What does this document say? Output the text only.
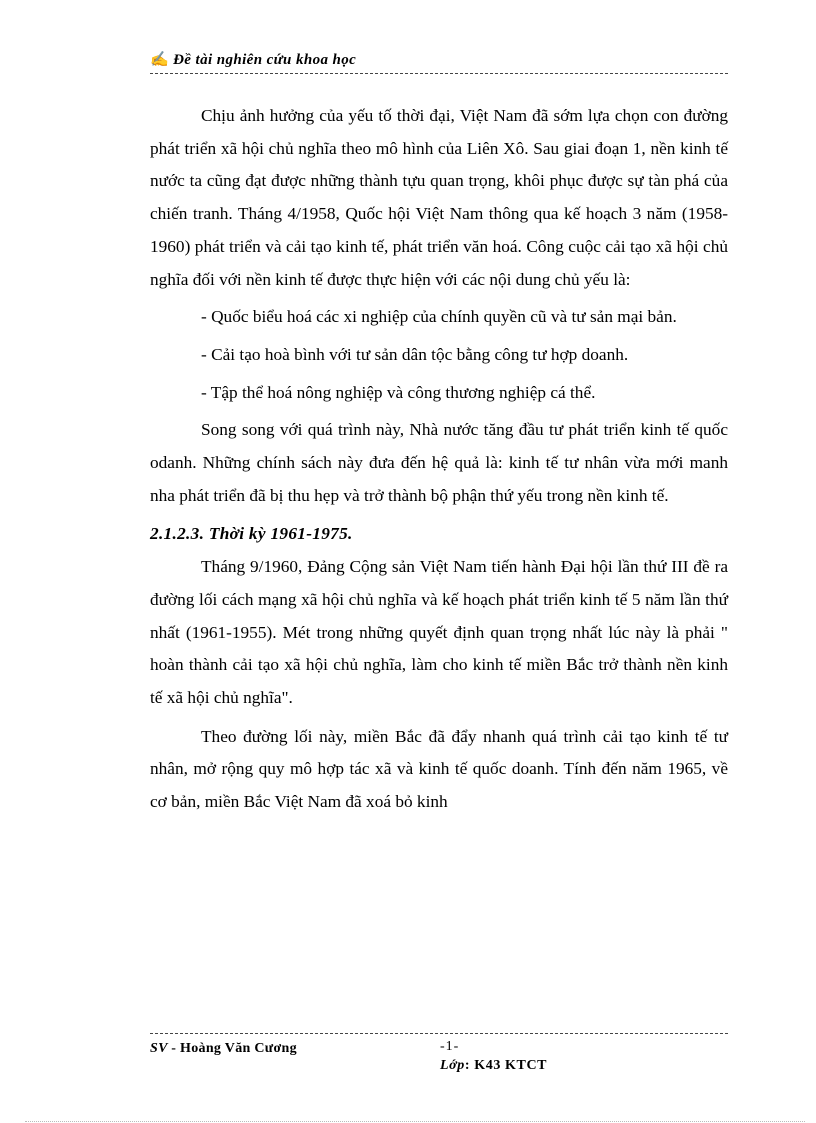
✍ Đề tài nghiên cứu khoa học

Chịu ảnh hưởng của yếu tố thời đại, Việt Nam đã sớm lựa chọn con đường phát triển xã hội chủ nghĩa theo mô hình của Liên Xô. Sau giai đoạn 1, nền kinh tế nước ta cũng đạt được những thành tựu quan trọng, khôi phục được sự tàn phá của chiến tranh. Tháng 4/1958, Quốc hội Việt Nam thông qua kế hoạch 3 năm (1958-1960) phát triển và cải tạo kinh tế, phát triển văn hoá. Công cuộc cải tạo xã hội chủ nghĩa đối với nền kinh tế được thực hiện với các nội dung chủ yếu là:

- Quốc biểu hoá các xi nghiệp của chính quyền cũ và tư sản mại bản.

- Cải tạo hoà bình với tư sản dân tộc bằng công tư hợp doanh.

- Tập thể hoá nông nghiệp và công thương nghiệp cá thể.

Song song với quá trình này, Nhà nước tăng đầu tư phát triển kinh tế quốc odanh. Những chính sách này đưa đến hệ quả là: kinh tế tư nhân vừa mới manh nha phát triển đã bị thu hẹp và trở thành bộ phận thứ yếu trong nền kinh tế.

2.1.2.3. Thời kỳ 1961-1975.

Tháng 9/1960, Đảng Cộng sản Việt Nam tiến hành Đại hội lần thứ III đề ra đường lối cách mạng xã hội chủ nghĩa và kế hoạch phát triển kinh tế 5 năm lần thứ nhất (1961-1955). Mét trong những quyết định quan trọng nhất lúc này là phải " hoàn thành cải tạo xã hội chủ nghĩa, làm cho kinh tế miền Bắc trở thành nền kinh tế xã hội chủ nghĩa".

Theo đường lối này, miền Bắc đã đẩy nhanh quá trình cải tạo kinh tế tư nhân, mở rộng quy mô hợp tác xã và kinh tế quốc doanh. Tính đến năm 1965, về cơ bản, miền Bắc Việt Nam đã xoá bỏ kinh

SV - Hoàng Văn Cương	-1-
Lớp: K43 KTCT
